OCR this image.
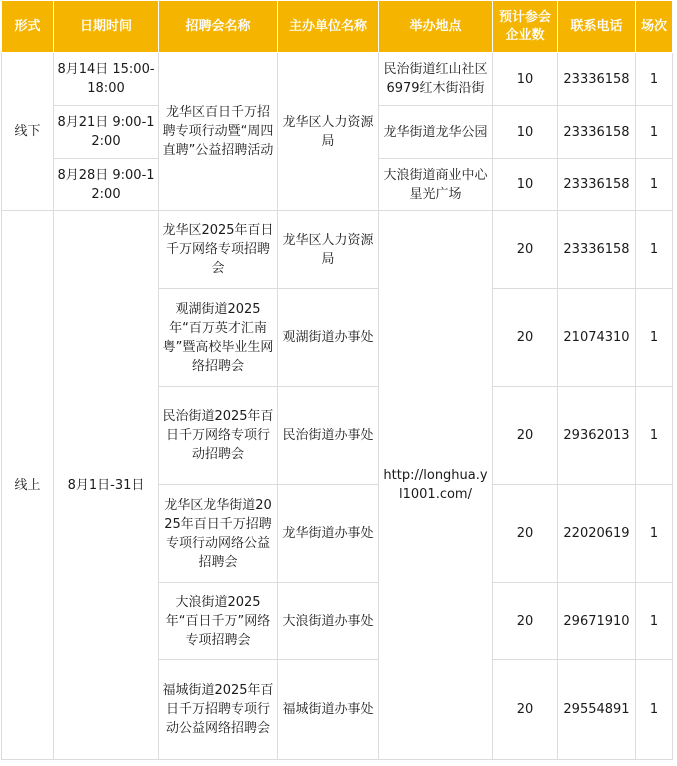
形式	日期时间	招聘会名称	主办单位名称	举办地点	预计参会企业数	联系电话	场次
线下	8月14日 15:00-18:00	龙华区百日千万招聘专项行动暨“周四直聘”公益招聘活动	龙华区人力资源局	民治街道红山社区6979红木街沿街	10	23336158	1
	8月21日 9:00-12:00			龙华街道龙华公园	10	23336158	1
	8月28日 9:00-12:00			大浪街道商业中心星光广场	10	23336158	1
线上	8月1日-31日	龙华区2025年百日千万网络专项招聘会	龙华区人力资源局	http://longhua.yl1001.com/	20	23336158	1
		观湖街道2025年“百万英才汇南粤”暨高校毕业生网络招聘会	观湖街道办事处		20	21074310	1
		民治街道2025年百日千万网络专项行动招聘会	民治街道办事处		20	29362013	1
		龙华区龙华街道2025年百日千万招聘专项行动网络公益招聘会	龙华街道办事处		20	22020619	1
		大浪街道2025年“百日千万”网络专项招聘会	大浪街道办事处		20	29671910	1
		福城街道2025年百日千万招聘专项行动公益网络招聘会	福城街道办事处		20	29554891	1
